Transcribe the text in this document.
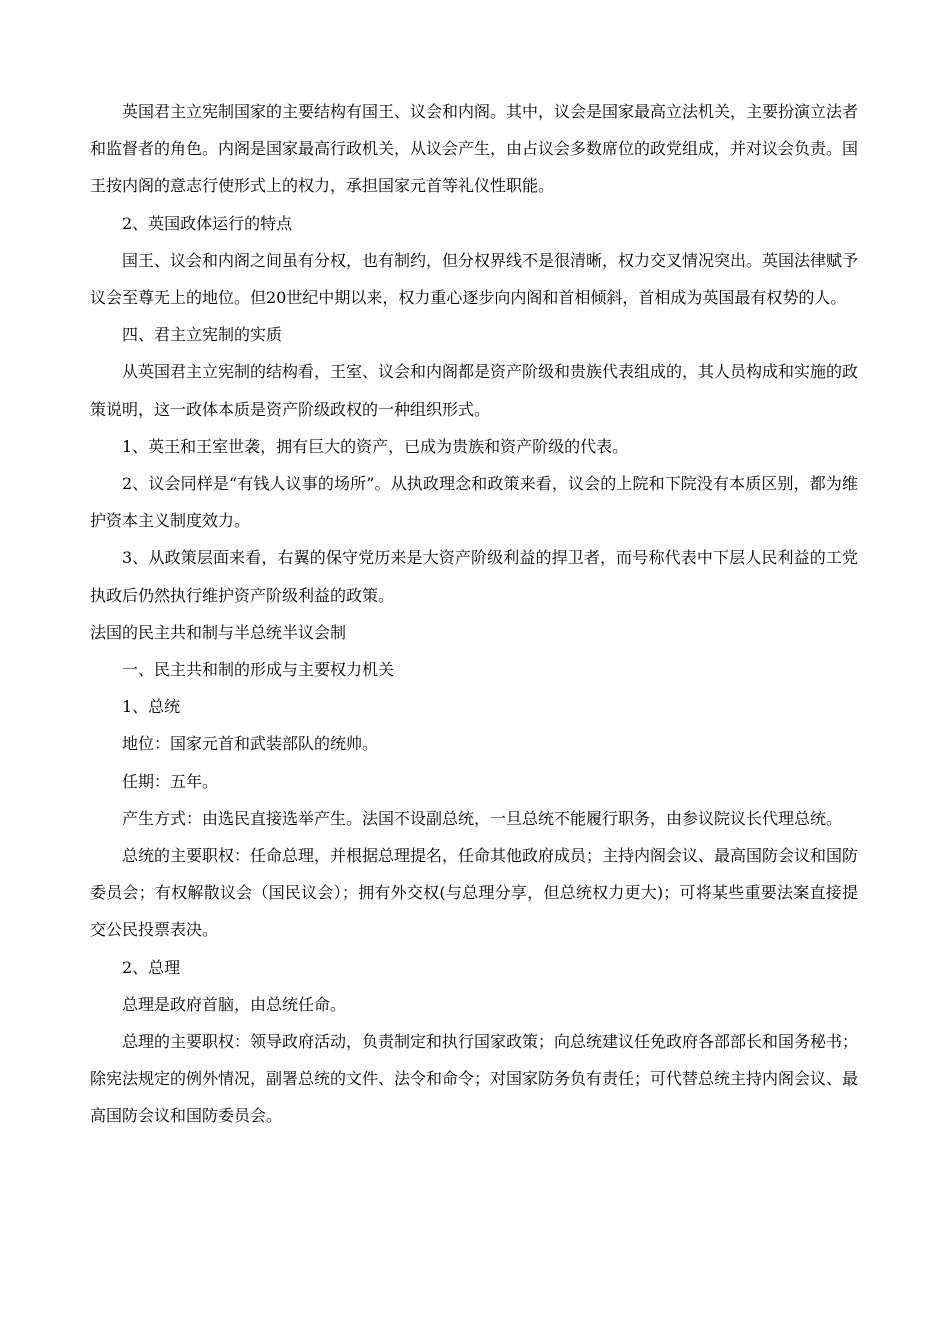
英国君主立宪制国家的主要结构有国王、议会和内阁。其中，议会是国家最高立法机关，主要扮演立法者和监督者的角色。内阁是国家最高行政机关，从议会产生，由占议会多数席位的政党组成，并对议会负责。国王按内阁的意志行使形式上的权力，承担国家元首等礼仪性职能。

2、英国政体运行的特点

国王、议会和内阁之间虽有分权，也有制约，但分权界线不是很清晰，权力交叉情况突出。英国法律赋予议会至尊无上的地位。但20世纪中期以来，权力重心逐步向内阁和首相倾斜，首相成为英国最有权势的人。

四、君主立宪制的实质

从英国君主立宪制的结构看，王室、议会和内阁都是资产阶级和贵族代表组成的，其人员构成和实施的政策说明，这一政体本质是资产阶级政权的一种组织形式。

1、英王和王室世袭，拥有巨大的资产，已成为贵族和资产阶级的代表。

2、议会同样是“有钱人议事的场所”。从执政理念和政策来看，议会的上院和下院没有本质区别，都为维护资本主义制度效力。

3、从政策层面来看，右翼的保守党历来是大资产阶级利益的捍卫者，而号称代表中下层人民利益的工党执政后仍然执行维护资产阶级利益的政策。

法国的民主共和制与半总统半议会制

一、民主共和制的形成与主要权力机关

1、总统

地位：国家元首和武装部队的统帅。

任期：五年。

产生方式：由选民直接选举产生。法国不设副总统，一旦总统不能履行职务，由参议院议长代理总统。

总统的主要职权：任命总理，并根据总理提名，任命其他政府成员；主持内阁会议、最高国防会议和国防委员会；有权解散议会（国民议会）；拥有外交权(与总理分享，但总统权力更大)；可将某些重要法案直接提交公民投票表决。

2、总理

总理是政府首脑，由总统任命。

总理的主要职权：领导政府活动，负责制定和执行国家政策；向总统建议任免政府各部部长和国务秘书；除宪法规定的例外情况，副署总统的文件、法令和命令；对国家防务负有责任；可代替总统主持内阁会议、最高国防会议和国防委员会。
